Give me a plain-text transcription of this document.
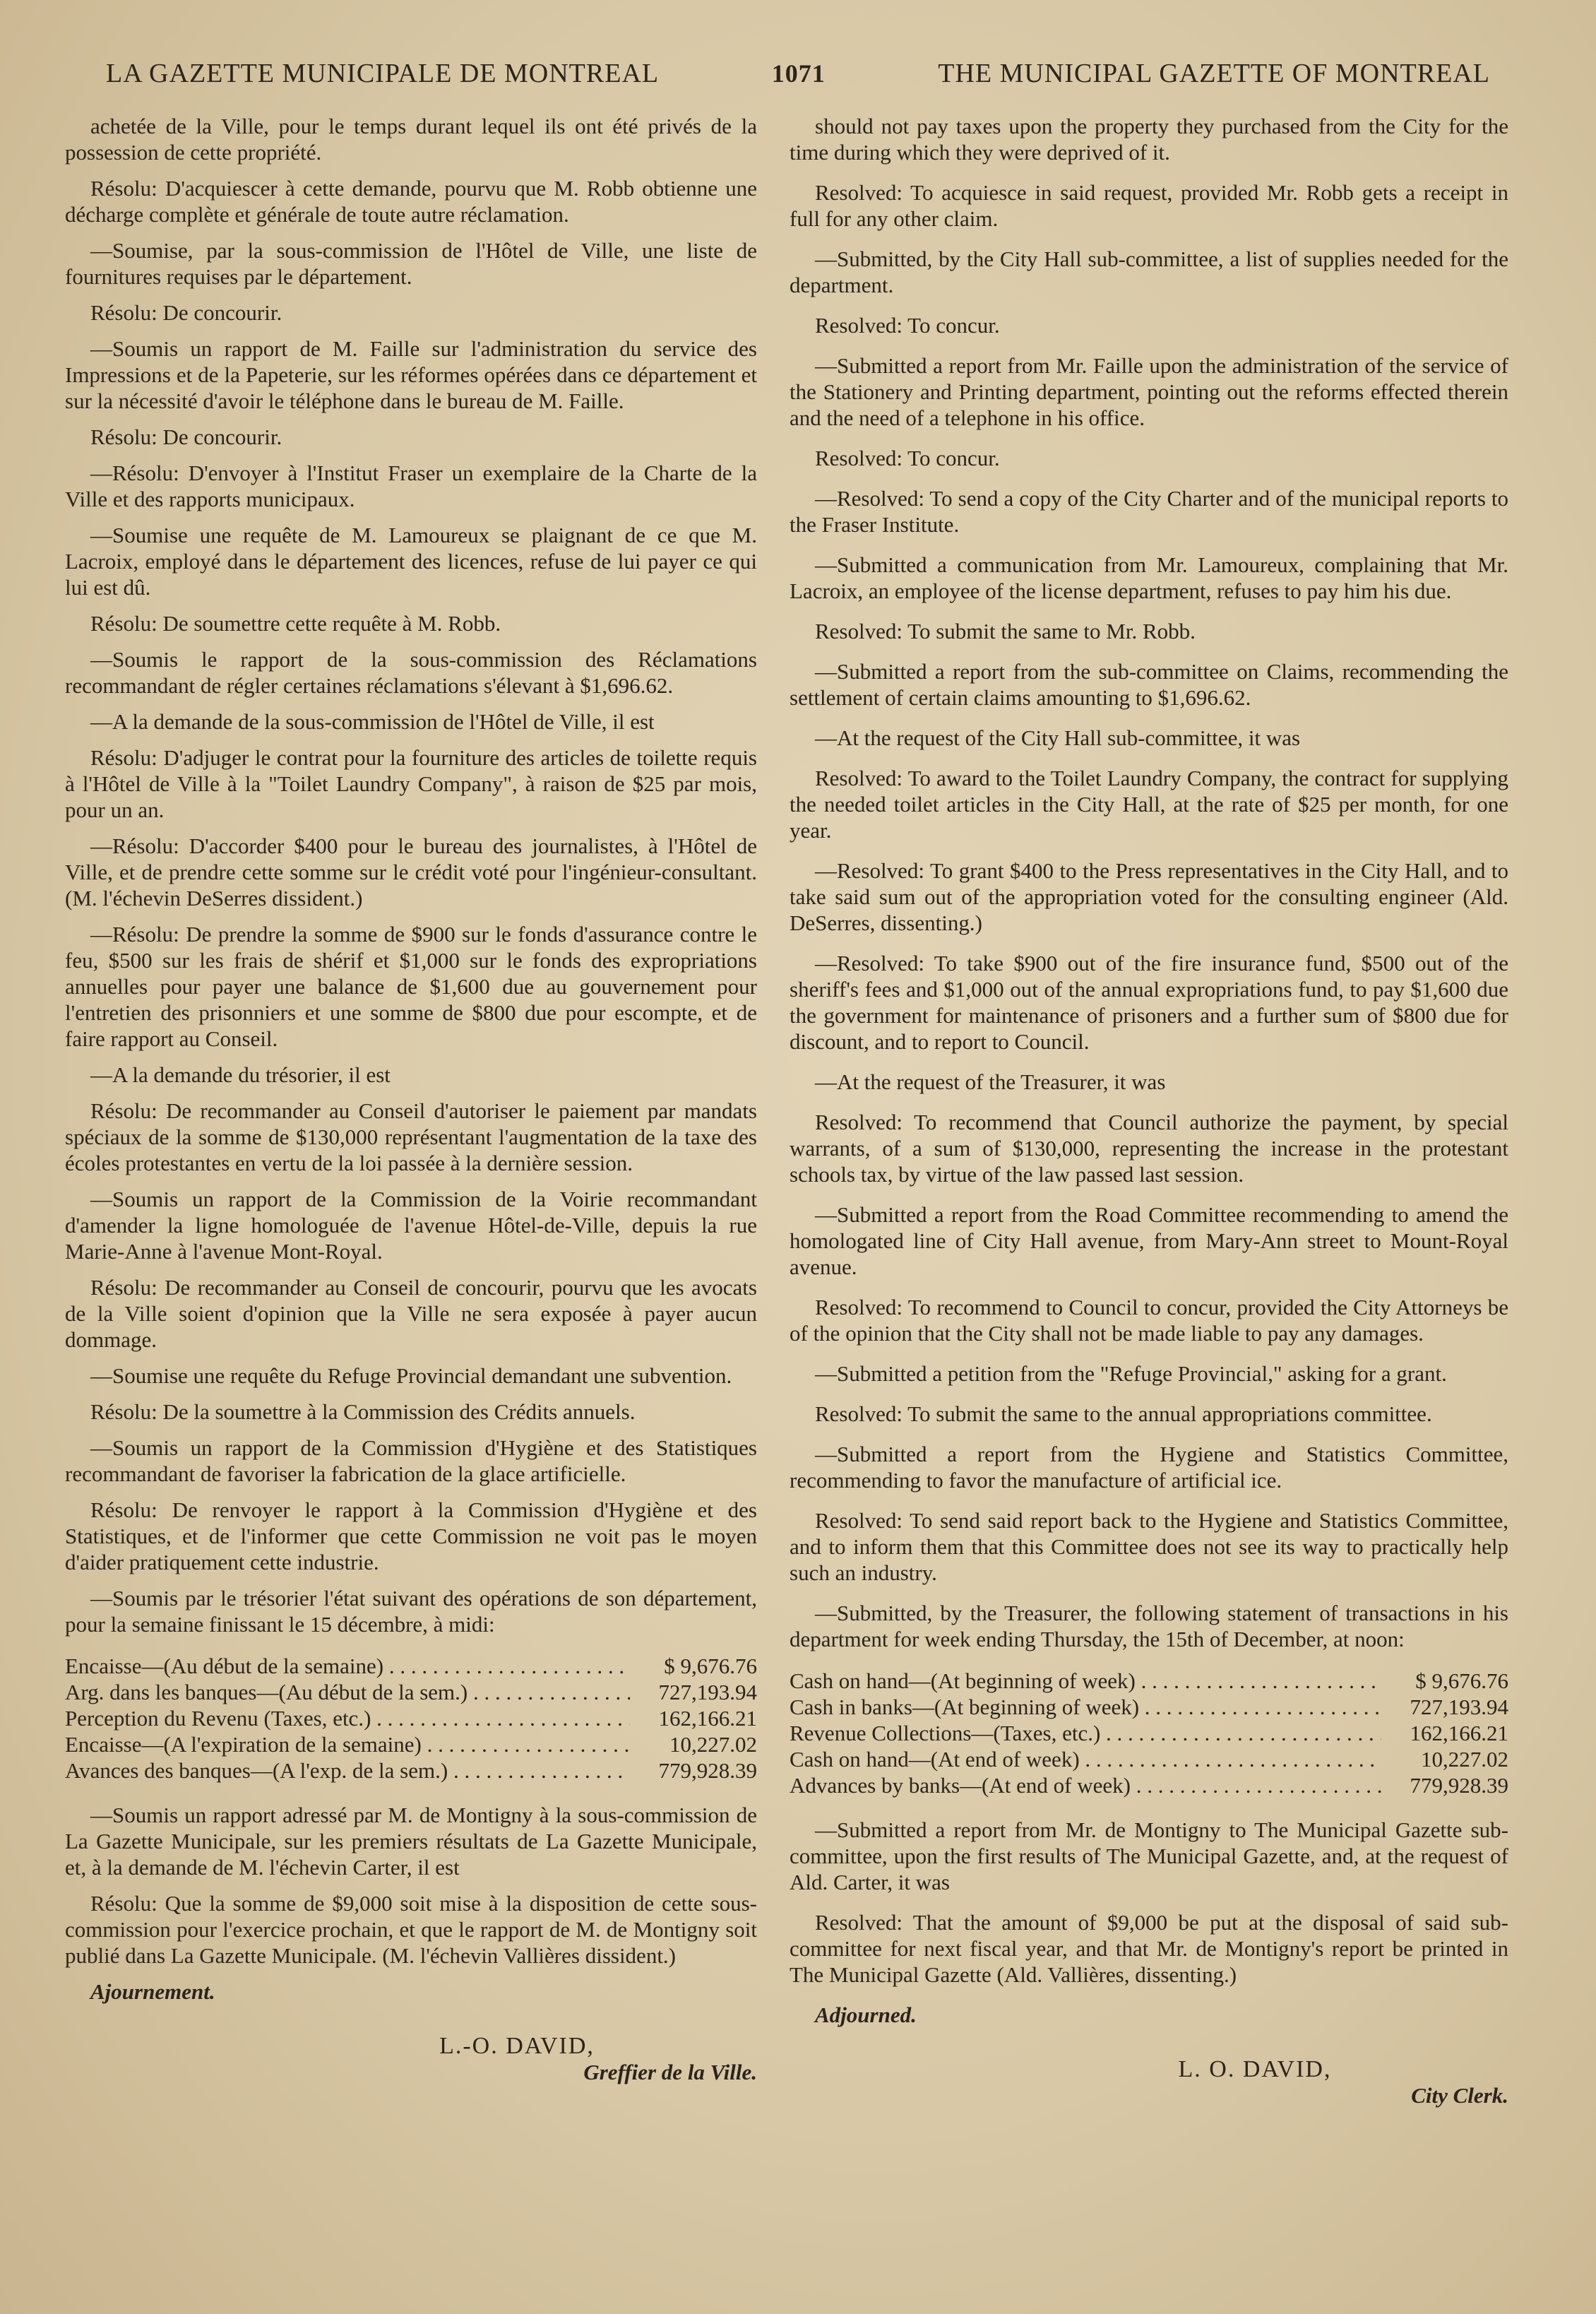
LA GAZETTE MUNICIPALE DE MONTREAL	1071	THE MUNICIPAL GAZETTE OF MONTREAL

achetée de la Ville, pour le temps durant lequel ils ont été privés de la possession de cette propriété.

Résolu: D'acquiescer à cette demande, pourvu que M. Robb obtienne une décharge complète et générale de toute autre réclamation.

—Soumise, par la sous-commission de l'Hôtel de Ville, une liste de fournitures requises par le département.

Résolu: De concourir.

—Soumis un rapport de M. Faille sur l'administration du service des Impressions et de la Papeterie, sur les réformes opérées dans ce département et sur la nécessité d'avoir le téléphone dans le bureau de M. Faille.

Résolu: De concourir.

—Résolu: D'envoyer à l'Institut Fraser un exemplaire de la Charte de la Ville et des rapports municipaux.

—Soumise une requête de M. Lamoureux se plaignant de ce que M. Lacroix, employé dans le département des licences, refuse de lui payer ce qui lui est dû.

Résolu: De soumettre cette requête à M. Robb.

—Soumis le rapport de la sous-commission des Réclamations recommandant de régler certaines réclamations s'élevant à $1,696.62.

—A la demande de la sous-commission de l'Hôtel de Ville, il est

Résolu: D'adjuger le contrat pour la fourniture des articles de toilette requis à l'Hôtel de Ville à la "Toilet Laundry Company", à raison de $25 par mois, pour un an.

—Résolu: D'accorder $400 pour le bureau des journalistes, à l'Hôtel de Ville, et de prendre cette somme sur le crédit voté pour l'ingénieur-consultant. (M. l'échevin DeSerres dissident.)

—Résolu: De prendre la somme de $900 sur le fonds d'assurance contre le feu, $500 sur les frais de shérif et $1,000 sur le fonds des expropriations annuelles pour payer une balance de $1,600 due au gouvernement pour l'entretien des prisonniers et une somme de $800 due pour escompte, et de faire rapport au Conseil.

—A la demande du trésorier, il est

Résolu: De recommander au Conseil d'autoriser le paiement par mandats spéciaux de la somme de $130,000 représentant l'augmentation de la taxe des écoles protestantes en vertu de la loi passée à la dernière session.

—Soumis un rapport de la Commission de la Voirie recommandant d'amender la ligne homologuée de l'avenue Hôtel-de-Ville, depuis la rue Marie-Anne à l'avenue Mont-Royal.

Résolu: De recommander au Conseil de concourir, pourvu que les avocats de la Ville soient d'opinion que la Ville ne sera exposée à payer aucun dommage.

—Soumise une requête du Refuge Provincial demandant une subvention.

Résolu: De la soumettre à la Commission des Crédits annuels.

—Soumis un rapport de la Commission d'Hygiène et des Statistiques recommandant de favoriser la fabrication de la glace artificielle.

Résolu: De renvoyer le rapport à la Commission d'Hygiène et des Statistiques, et de l'informer que cette Commission ne voit pas le moyen d'aider pratiquement cette industrie.

—Soumis par le trésorier l'état suivant des opérations de son département, pour la semaine finissant le 15 décembre, à midi:

Encaisse—(Au début de la semaine) . . .	$ 9,676.76
Arg. dans les banques—(Au début de la sem.) . . .	727,193.94
Perception du Revenu (Taxes, etc.) . . .	162,166.21
Encaisse—(A l'expiration de la semaine) . . .	10,227.02
Avances des banques—(A l'exp. de la sem.) . . .	779,928.39

—Soumis un rapport adressé par M. de Montigny à la sous-commission de La Gazette Municipale, sur les premiers résultats de La Gazette Municipale, et, à la demande de M. l'échevin Carter, il est

Résolu: Que la somme de $9,000 soit mise à la disposition de cette sous-commission pour l'exercice prochain, et que le rapport de M. de Montigny soit publié dans La Gazette Municipale. (M. l'échevin Vallières dissident.)

Ajournement.

L.-O. DAVID,
Greffier de la Ville.

should not pay taxes upon the property they purchased from the City for the time during which they were deprived of it.

Resolved: To acquiesce in said request, provided Mr. Robb gets a receipt in full for any other claim.

—Submitted, by the City Hall sub-committee, a list of supplies needed for the department.

Resolved: To concur.

—Submitted a report from Mr. Faille upon the administration of the service of the Stationery and Printing department, pointing out the reforms effected therein and the need of a telephone in his office.

Resolved: To concur.

—Resolved: To send a copy of the City Charter and of the municipal reports to the Fraser Institute.

—Submitted a communication from Mr. Lamoureux, complaining that Mr. Lacroix, an employee of the license department, refuses to pay him his due.

Resolved: To submit the same to Mr. Robb.

—Submitted a report from the sub-committee on Claims, recommending the settlement of certain claims amounting to $1,696.62.

—At the request of the City Hall sub-committee, it was

Resolved: To award to the Toilet Laundry Company, the contract for supplying the needed toilet articles in the City Hall, at the rate of $25 per month, for one year.

—Resolved: To grant $400 to the Press representatives in the City Hall, and to take said sum out of the appropriation voted for the consulting engineer (Ald. DeSerres, dissenting.)

—Resolved: To take $900 out of the fire insurance fund, $500 out of the sheriff's fees and $1,000 out of the annual expropriations fund, to pay $1,600 due the government for maintenance of prisoners and a further sum of $800 due for discount, and to report to Council.

—At the request of the Treasurer, it was

Resolved: To recommend that Council authorize the payment, by special warrants, of a sum of $130,000, representing the increase in the protestant schools tax, by virtue of the law passed last session.

—Submitted a report from the Road Committee recommending to amend the homologated line of City Hall avenue, from Mary-Ann street to Mount-Royal avenue.

Resolved: To recommend to Council to concur, provided the City Attorneys be of the opinion that the City shall not be made liable to pay any damages.

—Submitted a petition from the "Refuge Provincial," asking for a grant.

Resolved: To submit the same to the annual appropriations committee.

—Submitted a report from the Hygiene and Statistics Committee, recommending to favor the manufacture of artificial ice.

Resolved: To send said report back to the Hygiene and Statistics Committee, and to inform them that this Committee does not see its way to practically help such an industry.

—Submitted, by the Treasurer, the following statement of transactions in his department for week ending Thursday, the 15th of December, at noon:

Cash on hand—(At beginning of week) . . .	$ 9,676.76
Cash in banks—(At beginning of week) . . .	727,193.94
Revenue Collections—(Taxes, etc.) . . .	162,166.21
Cash on hand—(At end of week) . . .	10,227.02
Advances by banks—(At end of week) . . .	779,928.39

—Submitted a report from Mr. de Montigny to The Municipal Gazette sub-committee, upon the first results of The Municipal Gazette, and, at the request of Ald. Carter, it was

Resolved: That the amount of $9,000 be put at the disposal of said sub-committee for next fiscal year, and that Mr. de Montigny's report be printed in The Municipal Gazette (Ald. Vallières, dissenting.)

Adjourned.

L. O. DAVID,
City Clerk.
